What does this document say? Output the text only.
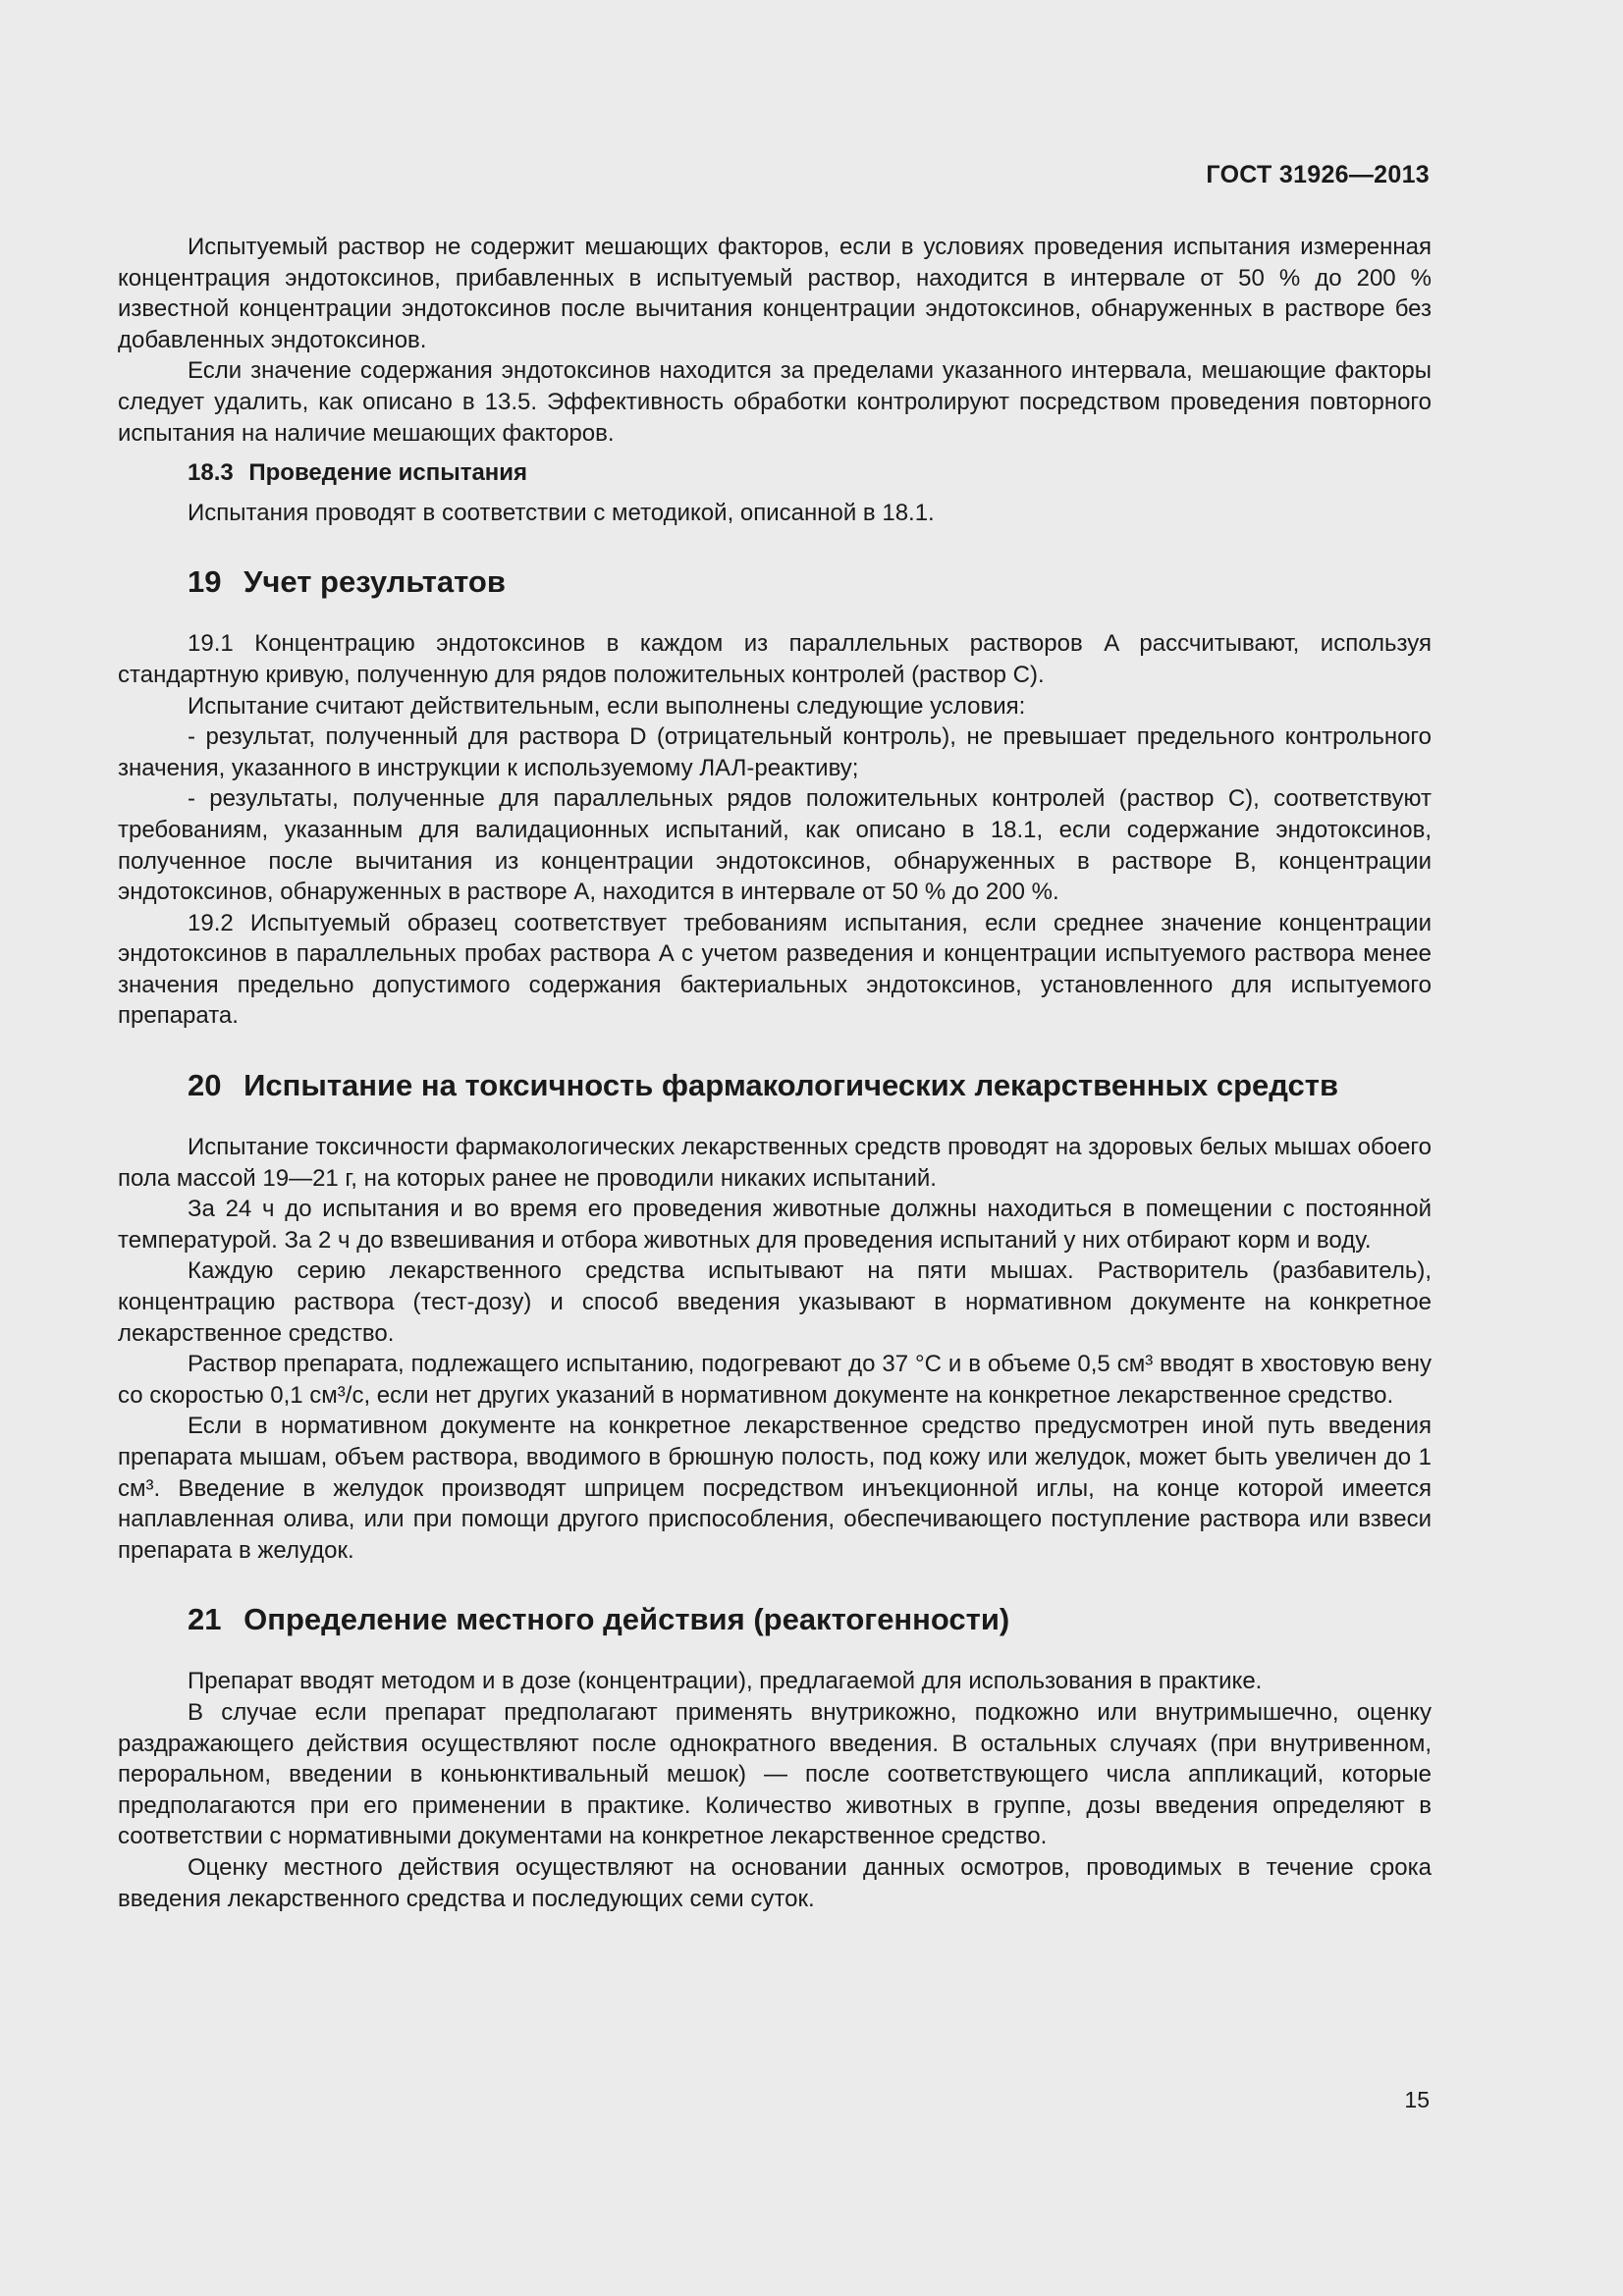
ГОСТ 31926—2013

Испытуемый раствор не содержит мешающих факторов, если в условиях проведения испытания измеренная концентрация эндотоксинов, прибавленных в испытуемый раствор, находится в интервале от 50 % до 200 % известной концентрации эндотоксинов после вычитания концентрации эндотоксинов, обнаруженных в растворе без добавленных эндотоксинов.

Если значение содержания эндотоксинов находится за пределами указанного интервала, мешающие факторы следует удалить, как описано в 13.5. Эффективность обработки контролируют посредством проведения повторного испытания на наличие мешающих факторов.

18.3 Проведение испытания

Испытания проводят в соответствии с методикой, описанной в 18.1.

19 Учет результатов

19.1 Концентрацию эндотоксинов в каждом из параллельных растворов A рассчитывают, используя стандартную кривую, полученную для рядов положительных контролей (раствор C).

Испытание считают действительным, если выполнены следующие условия:

- результат, полученный для раствора D (отрицательный контроль), не превышает предельного контрольного значения, указанного в инструкции к используемому ЛАЛ-реактиву;

- результаты, полученные для параллельных рядов положительных контролей (раствор C), соответствуют требованиям, указанным для валидационных испытаний, как описано в 18.1, если содержание эндотоксинов, полученное после вычитания из концентрации эндотоксинов, обнаруженных в растворе B, концентрации эндотоксинов, обнаруженных в растворе A, находится в интервале от 50 % до 200 %.

19.2 Испытуемый образец соответствует требованиям испытания, если среднее значение концентрации эндотоксинов в параллельных пробах раствора A с учетом разведения и концентрации испытуемого раствора менее значения предельно допустимого содержания бактериальных эндотоксинов, установленного для испытуемого препарата.

20 Испытание на токсичность фармакологических лекарственных средств

Испытание токсичности фармакологических лекарственных средств проводят на здоровых белых мышах обоего пола массой 19—21 г, на которых ранее не проводили никаких испытаний.

За 24 ч до испытания и во время его проведения животные должны находиться в помещении с постоянной температурой. За 2 ч до взвешивания и отбора животных для проведения испытаний у них отбирают корм и воду.

Каждую серию лекарственного средства испытывают на пяти мышах. Растворитель (разбавитель), концентрацию раствора (тест-дозу) и способ введения указывают в нормативном документе на конкретное лекарственное средство.

Раствор препарата, подлежащего испытанию, подогревают до 37 °С и в объеме 0,5 см³ вводят в хвостовую вену со скоростью 0,1 см³/с, если нет других указаний в нормативном документе на конкретное лекарственное средство.

Если в нормативном документе на конкретное лекарственное средство предусмотрен иной путь введения препарата мышам, объем раствора, вводимого в брюшную полость, под кожу или желудок, может быть увеличен до 1 см³. Введение в желудок производят шприцем посредством инъекционной иглы, на конце которой имеется наплавленная олива, или при помощи другого приспособления, обеспечивающего поступление раствора или взвеси препарата в желудок.

21 Определение местного действия (реактогенности)

Препарат вводят методом и в дозе (концентрации), предлагаемой для использования в практике.

В случае если препарат предполагают применять внутрикожно, подкожно или внутримышечно, оценку раздражающего действия осуществляют после однократного введения. В остальных случаях (при внутривенном, пероральном, введении в коньюнктивальный мешок) — после соответствующего числа аппликаций, которые предполагаются при его применении в практике. Количество животных в группе, дозы введения определяют в соответствии с нормативными документами на конкретное лекарственное средство.

Оценку местного действия осуществляют на основании данных осмотров, проводимых в течение срока введения лекарственного средства и последующих семи суток.

15
